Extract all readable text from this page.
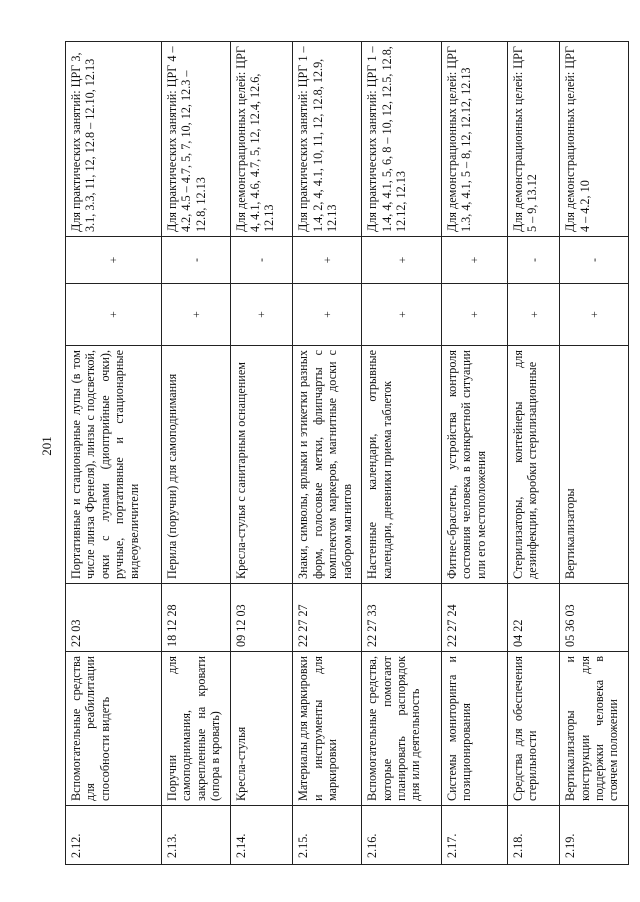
201
2.12.	Вспомогательные средства для реабилитации способности видеть	22 03	Портативные и стационарные лупы (в том числе линза Френеля), линзы с подсветкой, очки с лупами (диоптрийные очки), ручные, портативные и стационарные видеоувеличители	+	+	Для практических занятий: ЦРГ 3, 3.1, 3.3, 11, 12, 12.8 – 12.10, 12.13
2.13.	Поручни для самоподнимания, закрепленные на кровати (опора в кровать)	18 12 28	Перила (поручни) для самоподнимания	+	-	Для практических занятий: ЦРГ 4 – 4.2, 4.5 – 4.7, 5, 7, 10, 12, 12.3 – 12.8, 12.13
2.14.	Кресла-стулья	09 12 03	Кресла-стулья с санитарным оснащением	+	-	Для демонстрационных целей: ЦРГ 4, 4.1, 4.6, 4.7, 5, 12, 12.4, 12.6, 12.13
2.15.	Материалы для маркировки и инструменты для маркировки	22 27 27	Знаки, символы, ярлыки и этикетки разных форм, голосовые метки, флипчарты с комплектом маркеров, магнитные доски с набором магнитов	+	+	Для практических занятий: ЦРГ 1 – 1.4, 2, 4, 4.1, 10, 11, 12, 12.8, 12.9, 12.13
2.16.	Вспомогательные средства, которые помогают планировать распорядок дня или деятельность	22 27 33	Настенные календари, отрывные календари, дневники приема таблеток	+	+	Для практических занятий: ЦРГ 1 – 1.4, 4, 4.1, 5, 6, 8 – 10, 12, 12.5, 12.8, 12.12, 12.13
2.17.	Системы мониторинга и позиционирования	22 27 24	Фитнес-браслеты, устройства контроля состояния человека в конкретной ситуации или его местоположения	+	+	Для демонстрационных целей: ЦРГ 1.3, 4, 4.1, 5 – 8, 12, 12.12, 12.13
2.18.	Средства для обеспечения стерильности	04 22	Стерилизаторы, контейнеры для дезинфекции, коробки стерилизационные	+	-	Для демонстрационных целей: ЦРГ 5 – 9, 13.12
2.19.	Вертикализаторы и конструкции для поддержки человека в стоячем положении	05 36 03	Вертикализаторы	+	-	Для демонстрационных целей: ЦРГ 4 – 4.2, 10
